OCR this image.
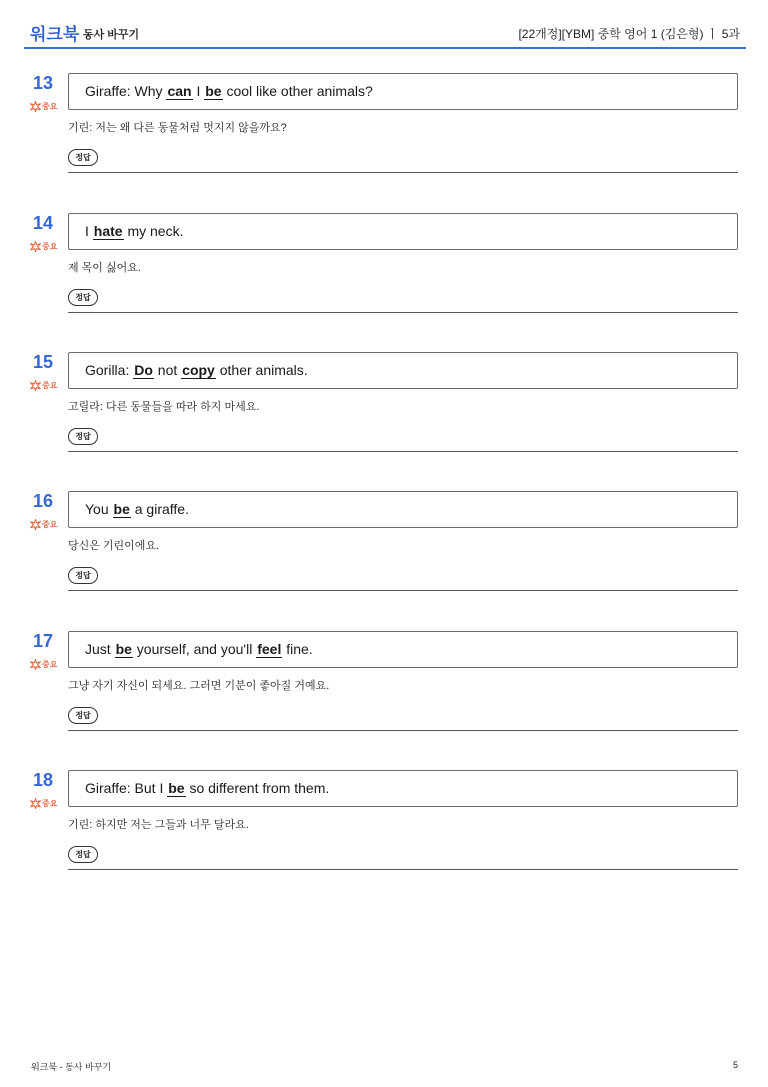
워크북 동사 바꾸기	[22개정][YBM] 중학 영어 1 (김은형) ㅣ 5과
13
중요
Giraffe: Why can I be cool like other animals?
기린: 저는 왜 다른 동물처럼 멋지지 않을까요?
정답
14
중요
I hate my neck.
제 목이 싫어요.
정답
15
중요
Gorilla: Do not copy other animals.
고릴라: 다른 동물들을 따라 하지 마세요.
정답
16
중요
You be a giraffe.
당신은 기린이에요.
정답
17
중요
Just be yourself, and you'll feel fine.
그냥 자기 자신이 되세요. 그러면 기분이 좋아질 거예요.
정답
18
중요
Giraffe: But I be so different from them.
기린: 하지만 저는 그들과 너무 달라요.
정답
워크북 - 동사 바꾸기	5
